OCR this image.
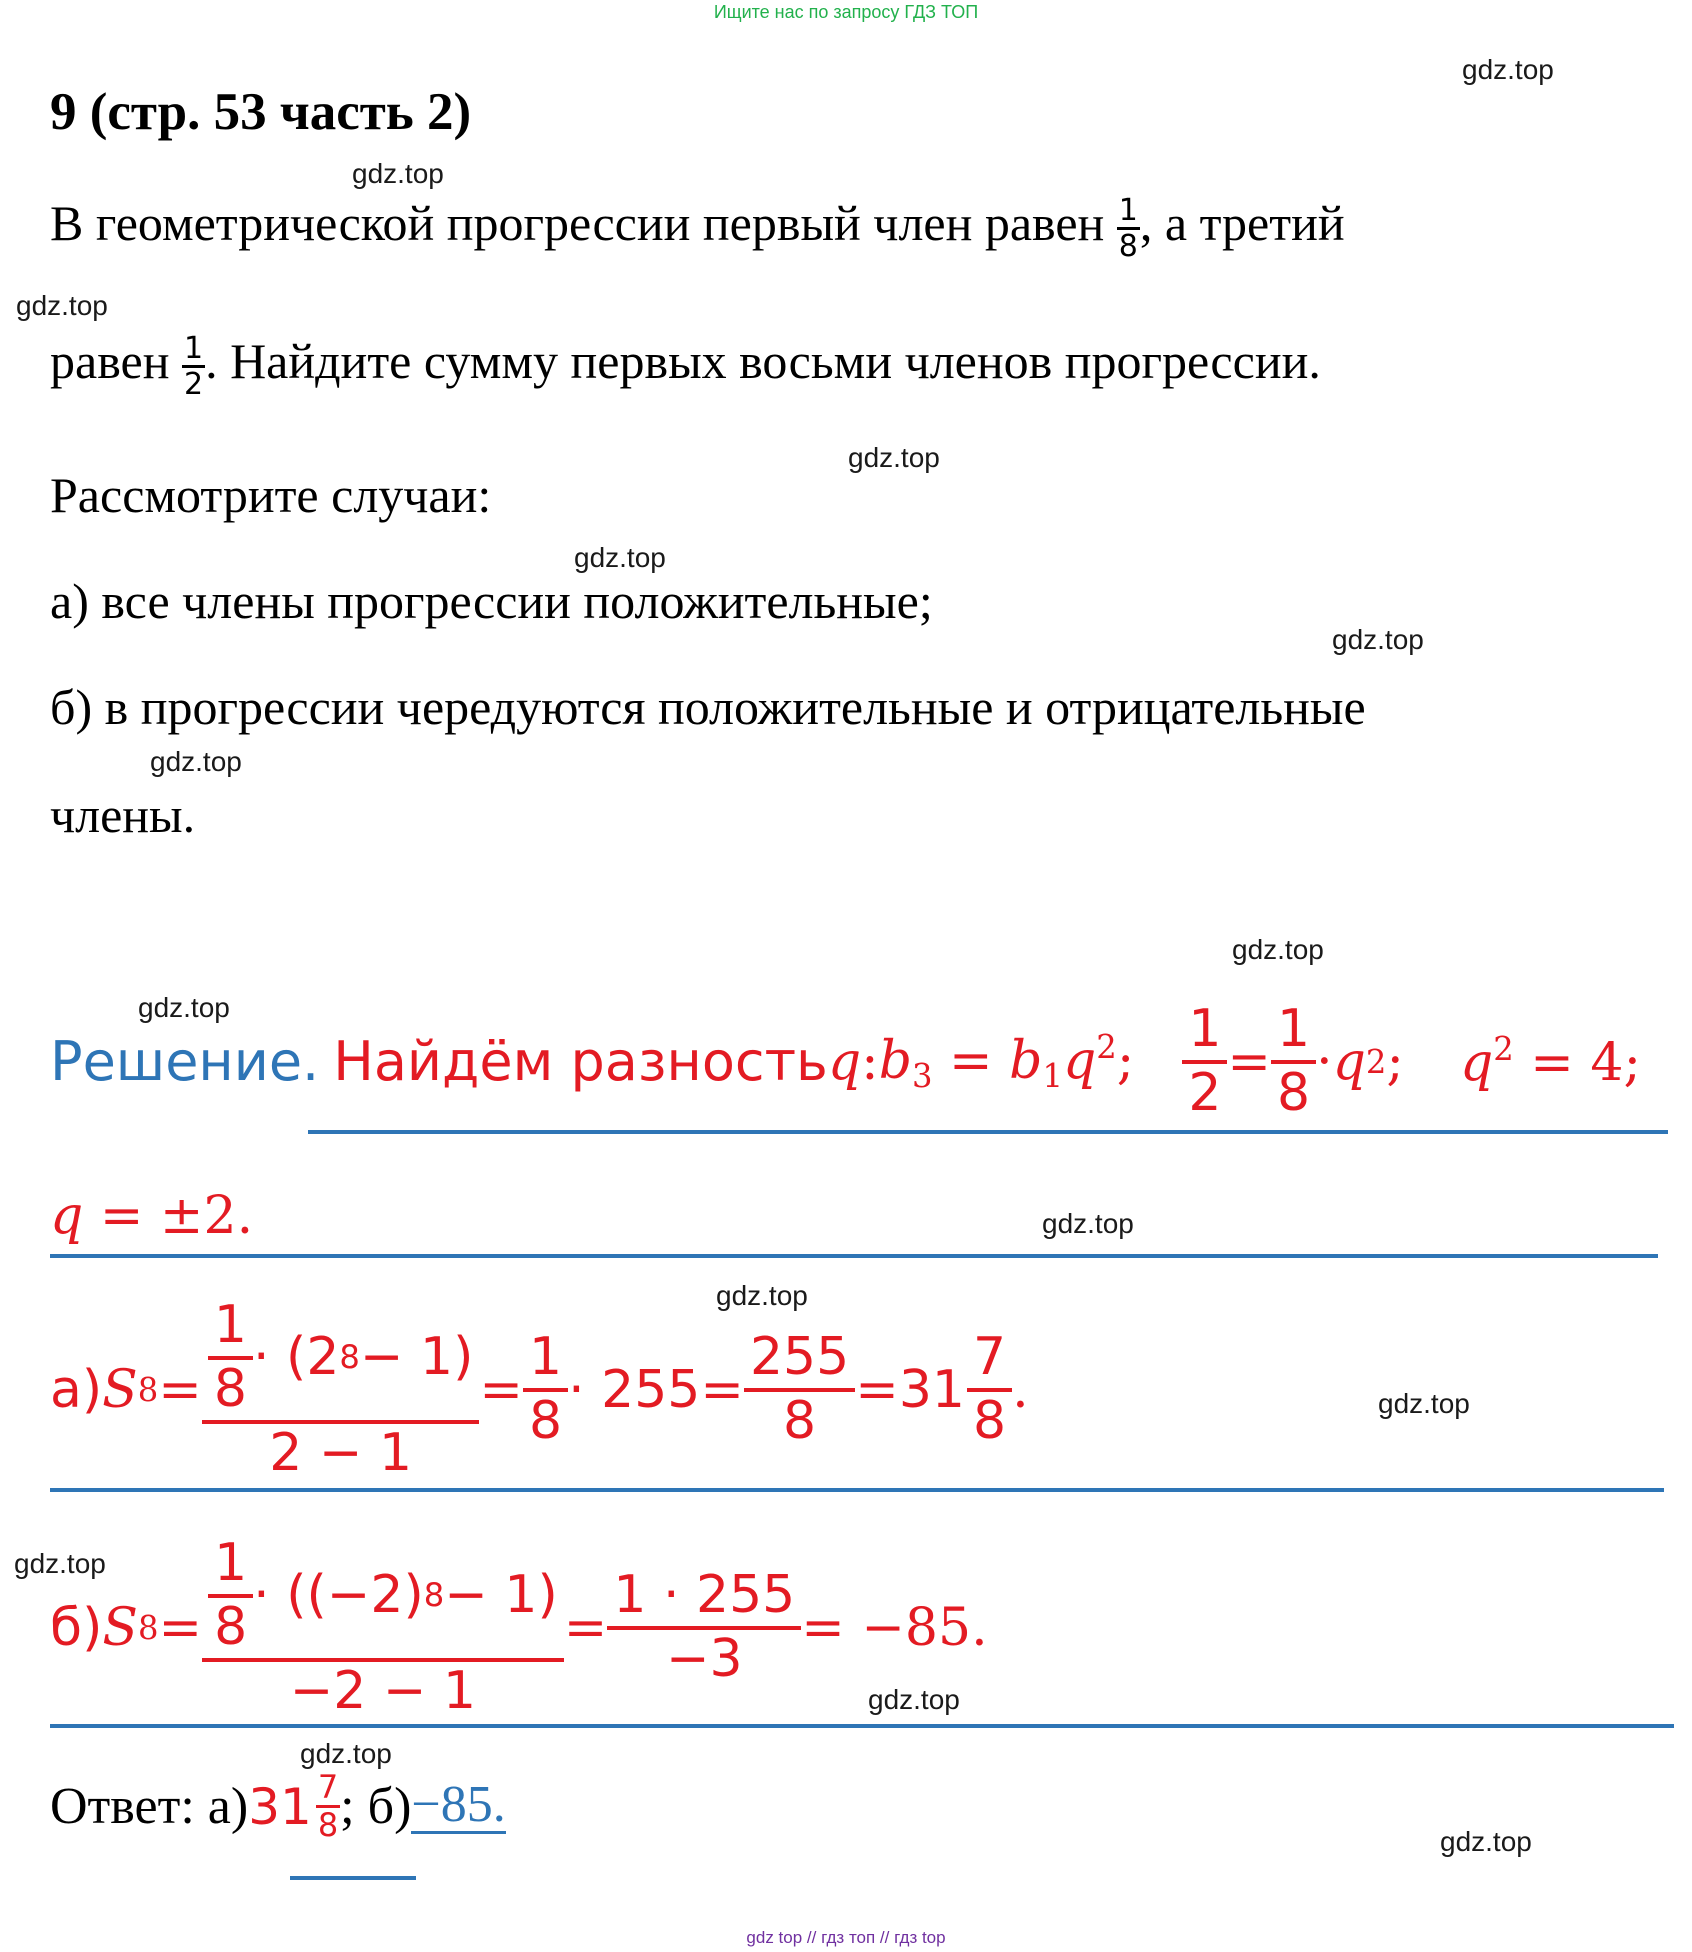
Ищите нас по запросу ГДЗ ТОП
gdz.top
gdz.top
gdz.top
gdz.top
gdz.top
gdz.top
gdz.top
gdz.top
gdz.top
gdz.top
gdz.top
gdz.top
gdz.top
gdz.top
gdz.top
gdz.top
9 (стр. 53 часть 2)
В геометрической прогрессии первый член равен $\frac{1}{8}$ , а третий
равен $\frac{1}{2}$ . Найдите сумму первых восьми членов прогрессии.
Рассмотрите случаи:
а) все члены прогрессии положительные;
б) в прогрессии чередуются положительные и отрицательные
члены.
Решение. Найдём разность q : $b_3 = b_1q^2$;
1
2
=
1
8
· q 2 ; $q^2 = 4$;
q = ±2.
а) S 8 =
1
8
· (2 8 − 1)
2 − 1
=
1
8
· 255 =
255
8
= 31
7
8
.
б) S 8 =
1
8
· ((−2) 8 − 1)
−2 − 1
=
1 · 255
−3
= −85.
Ответ: а) $31 \frac{7}{8}$ ; б) −85.
gdz top // гдз топ // гдз top
